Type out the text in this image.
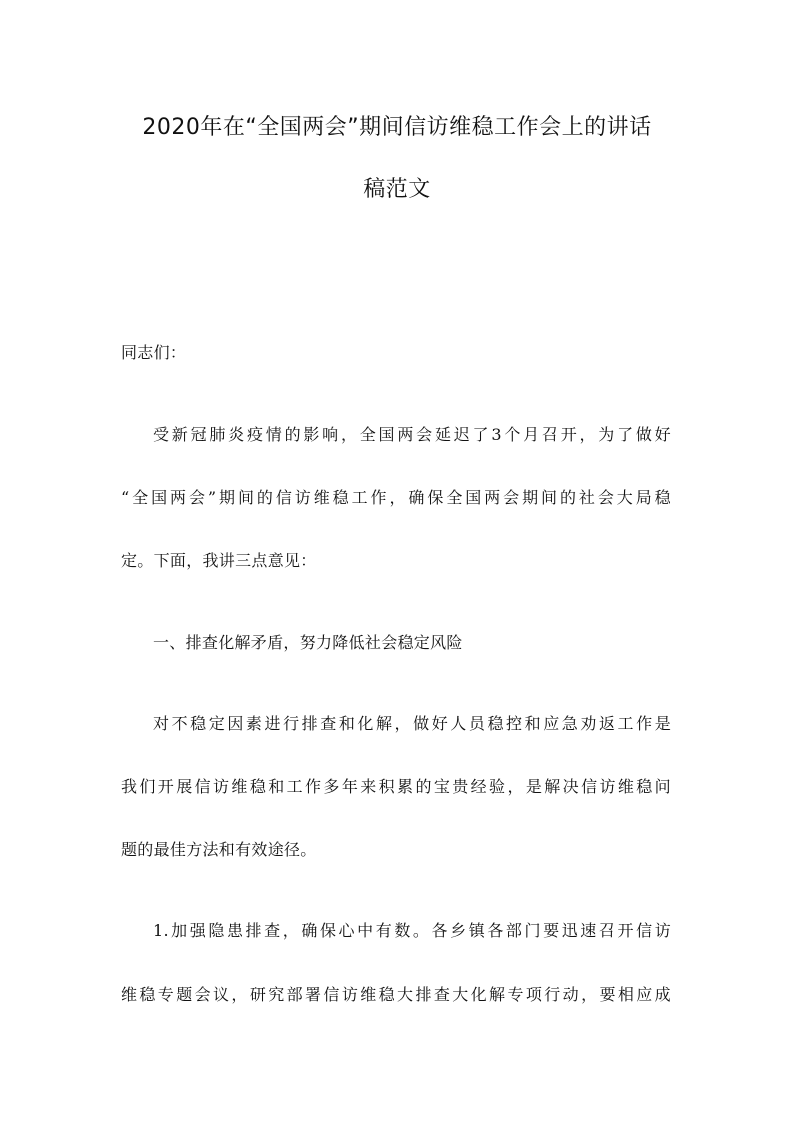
2020年在“全国两会”期间信访维稳工作会上的讲话
稿范文
同志们：
受新冠肺炎疫情的影响，全国两会延迟了3个月召开，为了做好
“全国两会”期间的信访维稳工作，确保全国两会期间的社会大局稳
定。下面，我讲三点意见：
一、排查化解矛盾，努力降低社会稳定风险
对不稳定因素进行排查和化解，做好人员稳控和应急劝返工作是
我们开展信访维稳和工作多年来积累的宝贵经验，是解决信访维稳问
题的最佳方法和有效途径。
1.加强隐患排查，确保心中有数。各乡镇各部门要迅速召开信访
维稳专题会议，研究部署信访维稳大排查大化解专项行动，要相应成
